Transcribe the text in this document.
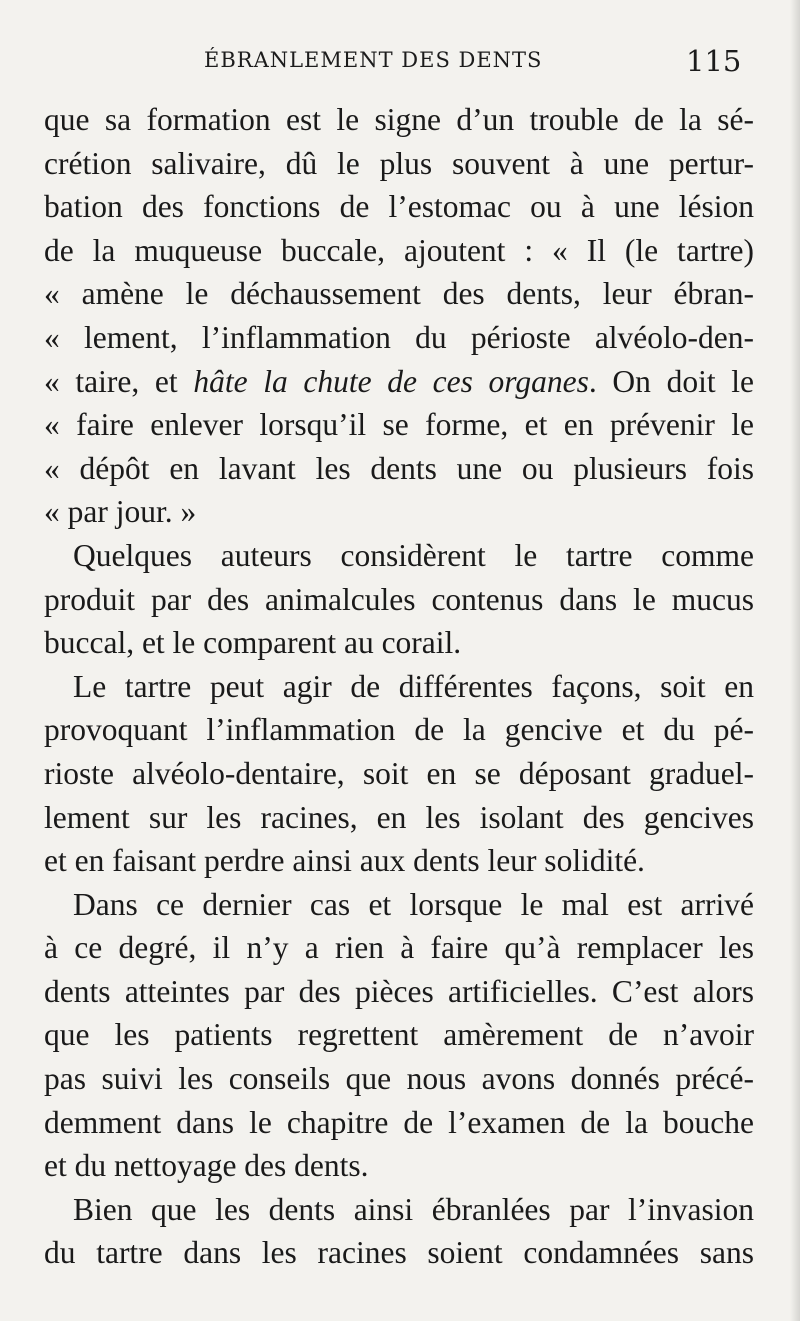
ÉBRANLEMENT DES DENTS	115
que sa formation est le signe d’un trouble de la sé-
crétion salivaire, dû le plus souvent à une pertur-
bation des fonctions de l’estomac ou à une lésion
de la muqueuse buccale, ajoutent : « Il (le tartre)
« amène le déchaussement des dents, leur ébran-
« lement, l’inflammation du périoste alvéolo-den-
« taire, et hâte la chute de ces organes. On doit le
« faire enlever lorsqu’il se forme, et en prévenir le
« dépôt en lavant les dents une ou plusieurs fois
« par jour. »
Quelques auteurs considèrent le tartre comme
produit par des animalcules contenus dans le mucus
buccal, et le comparent au corail.
Le tartre peut agir de différentes façons, soit en
provoquant l’inflammation de la gencive et du pé-
rioste alvéolo-dentaire, soit en se déposant graduel-
lement sur les racines, en les isolant des gencives
et en faisant perdre ainsi aux dents leur solidité.
Dans ce dernier cas et lorsque le mal est arrivé
à ce degré, il n’y a rien à faire qu’à remplacer les
dents atteintes par des pièces artificielles. C’est alors
que les patients regrettent amèrement de n’avoir
pas suivi les conseils que nous avons donnés précé-
demment dans le chapitre de l’examen de la bouche
et du nettoyage des dents.
Bien que les dents ainsi ébranlées par l’invasion
du tartre dans les racines soient condamnées sans
